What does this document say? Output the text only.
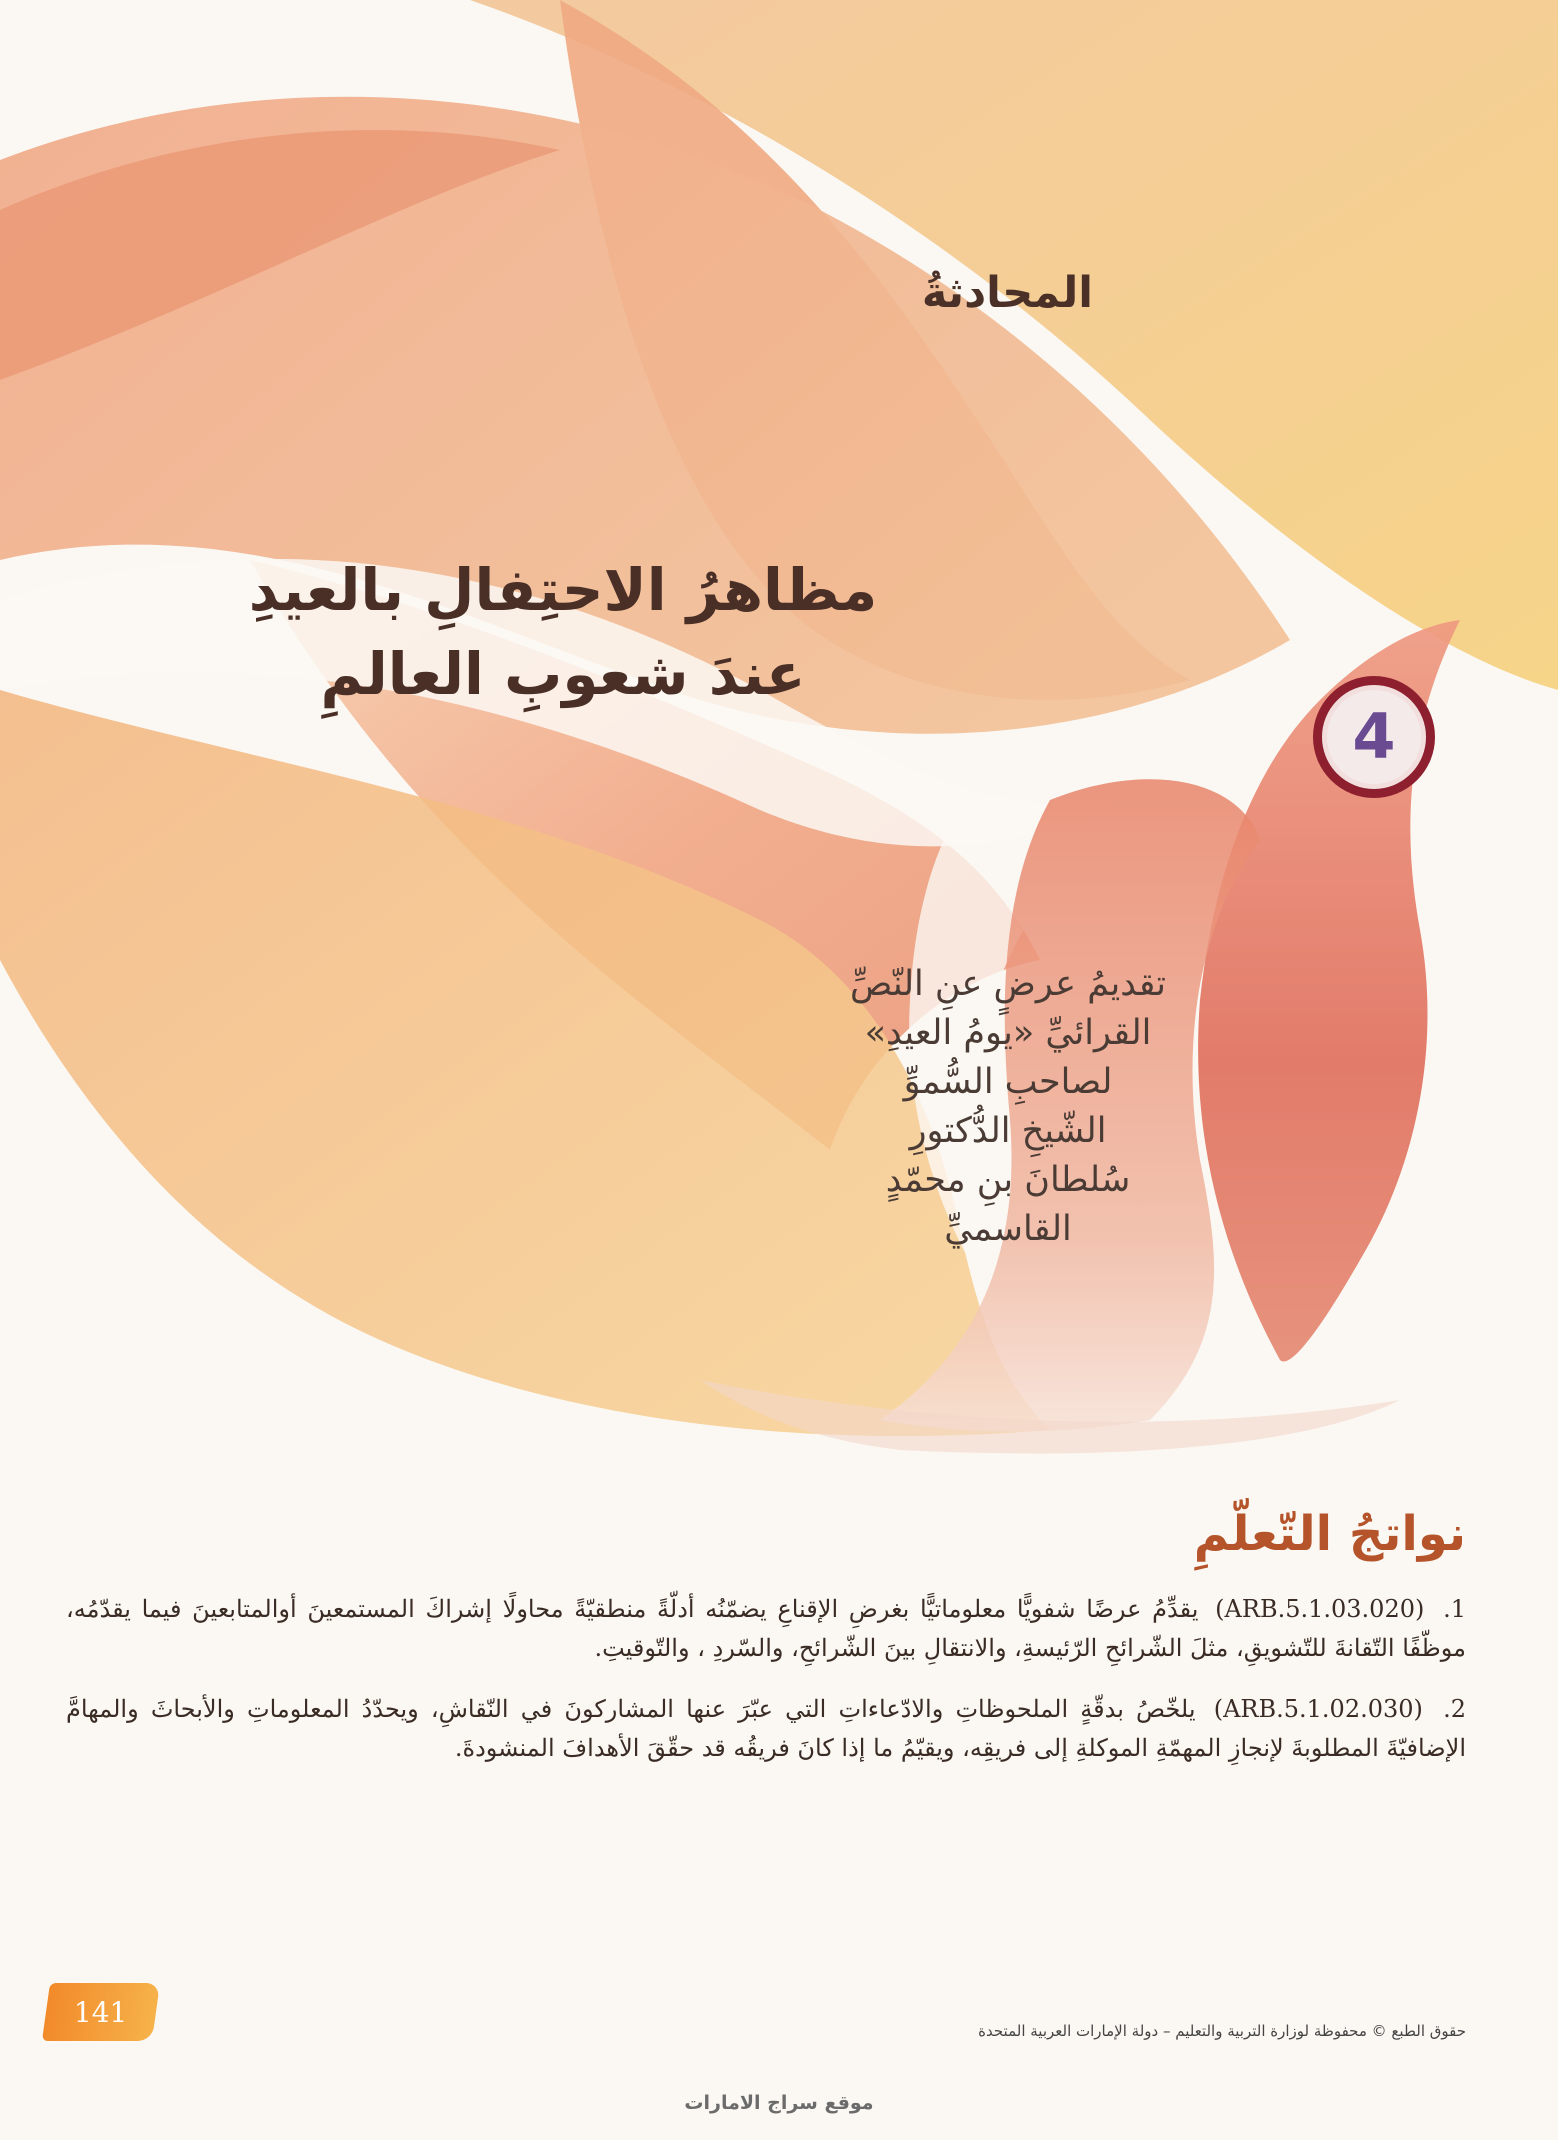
المحادثةُ
مظاهرُ الاحتِفالِ بالعيدِ
عندَ شعوبِ العالمِ
4
تقديمُ عرضٍ عنِ النّصِّ
القرائيِّ «يومُ العيدِ»
لصاحبِ السُّموِّ
الشّيخِ الدُّكتورِ
سُلطانَ بنِ محمّدٍ
القاسميِّ
نواتجُ التّعلّمِ
1. (ARB.5.1.03.020) يقدِّمُ عرضًا شفويًّا معلوماتيًّا بغرضِ الإقناعِ يضمّنُه أدلّةً منطقيّةً محاولًا إشراكَ المستمعينَ أوالمتابعينَ فيما يقدّمُه، موظّفًا التّقانةَ للتّشويقِ، مثلَ الشّرائحِ الرّئيسةِ، والانتقالِ بينَ الشّرائحِ، والسّردِ ، والتّوقيتِ.
2. (ARB.5.1.02.030) يلخّصُ بدقّةٍ الملحوظاتِ والادّعاءاتِ التي عبّرَ عنها المشاركونَ في النّقاشِ، ويحدّدُ المعلوماتِ والأبحاثَ والمهامَّ الإضافيّةَ المطلوبةَ لإنجازِ المهمّةِ الموكلةِ إلى فريقِه، ويقيّمُ ما إذا كانَ فريقُه قد حقّقَ الأهدافَ المنشودةَ.
141
حقوق الطبع © محفوظة لوزارة التربية والتعليم – دولة الإمارات العربية المتحدة
موقع سراج الامارات
